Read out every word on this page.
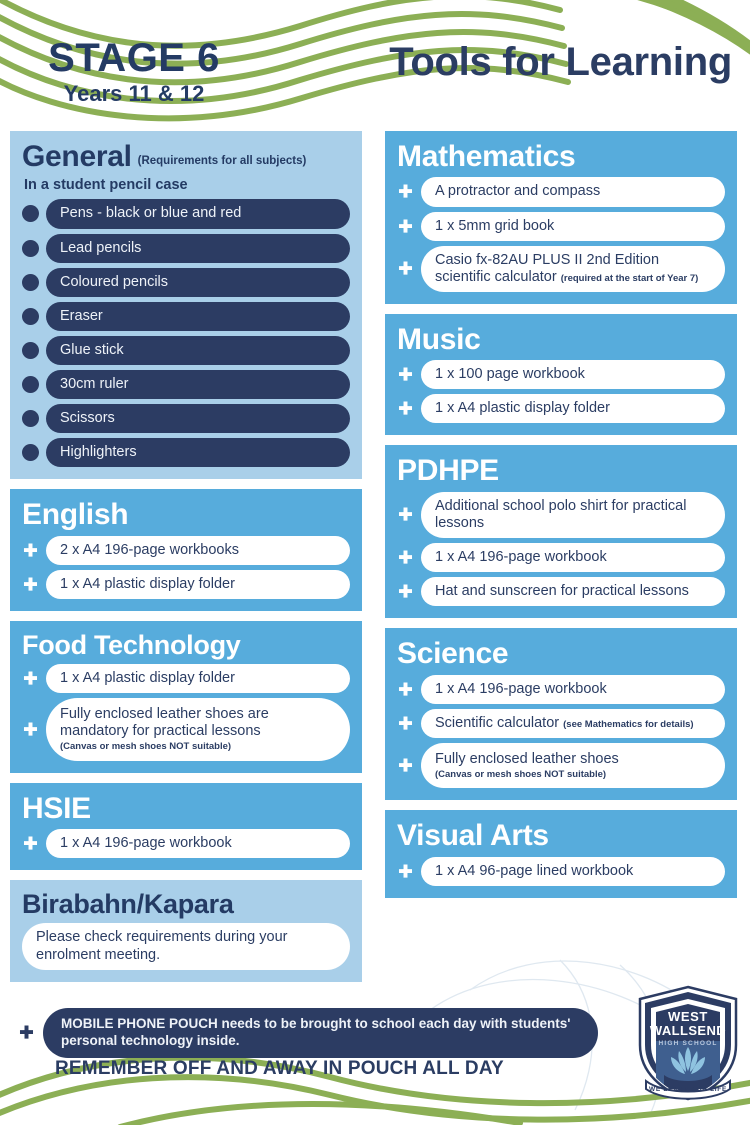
STAGE 6
Years 11 & 12
Tools for Learning
General (Requirements for all subjects)
In a student pencil case
Pens - black or blue and red
Lead pencils
Coloured pencils
Eraser
Glue stick
30cm ruler
Scissors
Highlighters
English
2 x A4 196-page workbooks
1 x A4 plastic display folder
Food Technology
1 x A4 plastic display folder
Fully enclosed leather shoes are mandatory for practical lessons
(Canvas or mesh shoes NOT suitable)
HSIE
1 x A4 196-page workbook
Birabahn/Kapara
Please check requirements during your enrolment meeting.
Mathematics
A protractor and compass
1 x 5mm grid book
Casio fx-82AU PLUS II 2nd Edition scientific calculator (required at the start of Year 7)
Music
1 x 100 page workbook
1 x A4 plastic display folder
PDHPE
Additional school polo shirt for practical lessons
1 x A4 196-page workbook
Hat and sunscreen for practical lessons
Science
1 x A4 196-page workbook
Scientific calculator (see Mathematics for details)
Fully enclosed leather shoes
(Canvas or mesh shoes NOT suitable)
Visual Arts
1 x A4 96-page lined workbook
MOBILE PHONE POUCH needs to be brought to school each day with students' personal technology inside.
REMEMBER OFF AND AWAY IN POUCH ALL DAY
WEST
WALLSEND
HIGH SCHOOL
WE LEARN FOR LIFE
